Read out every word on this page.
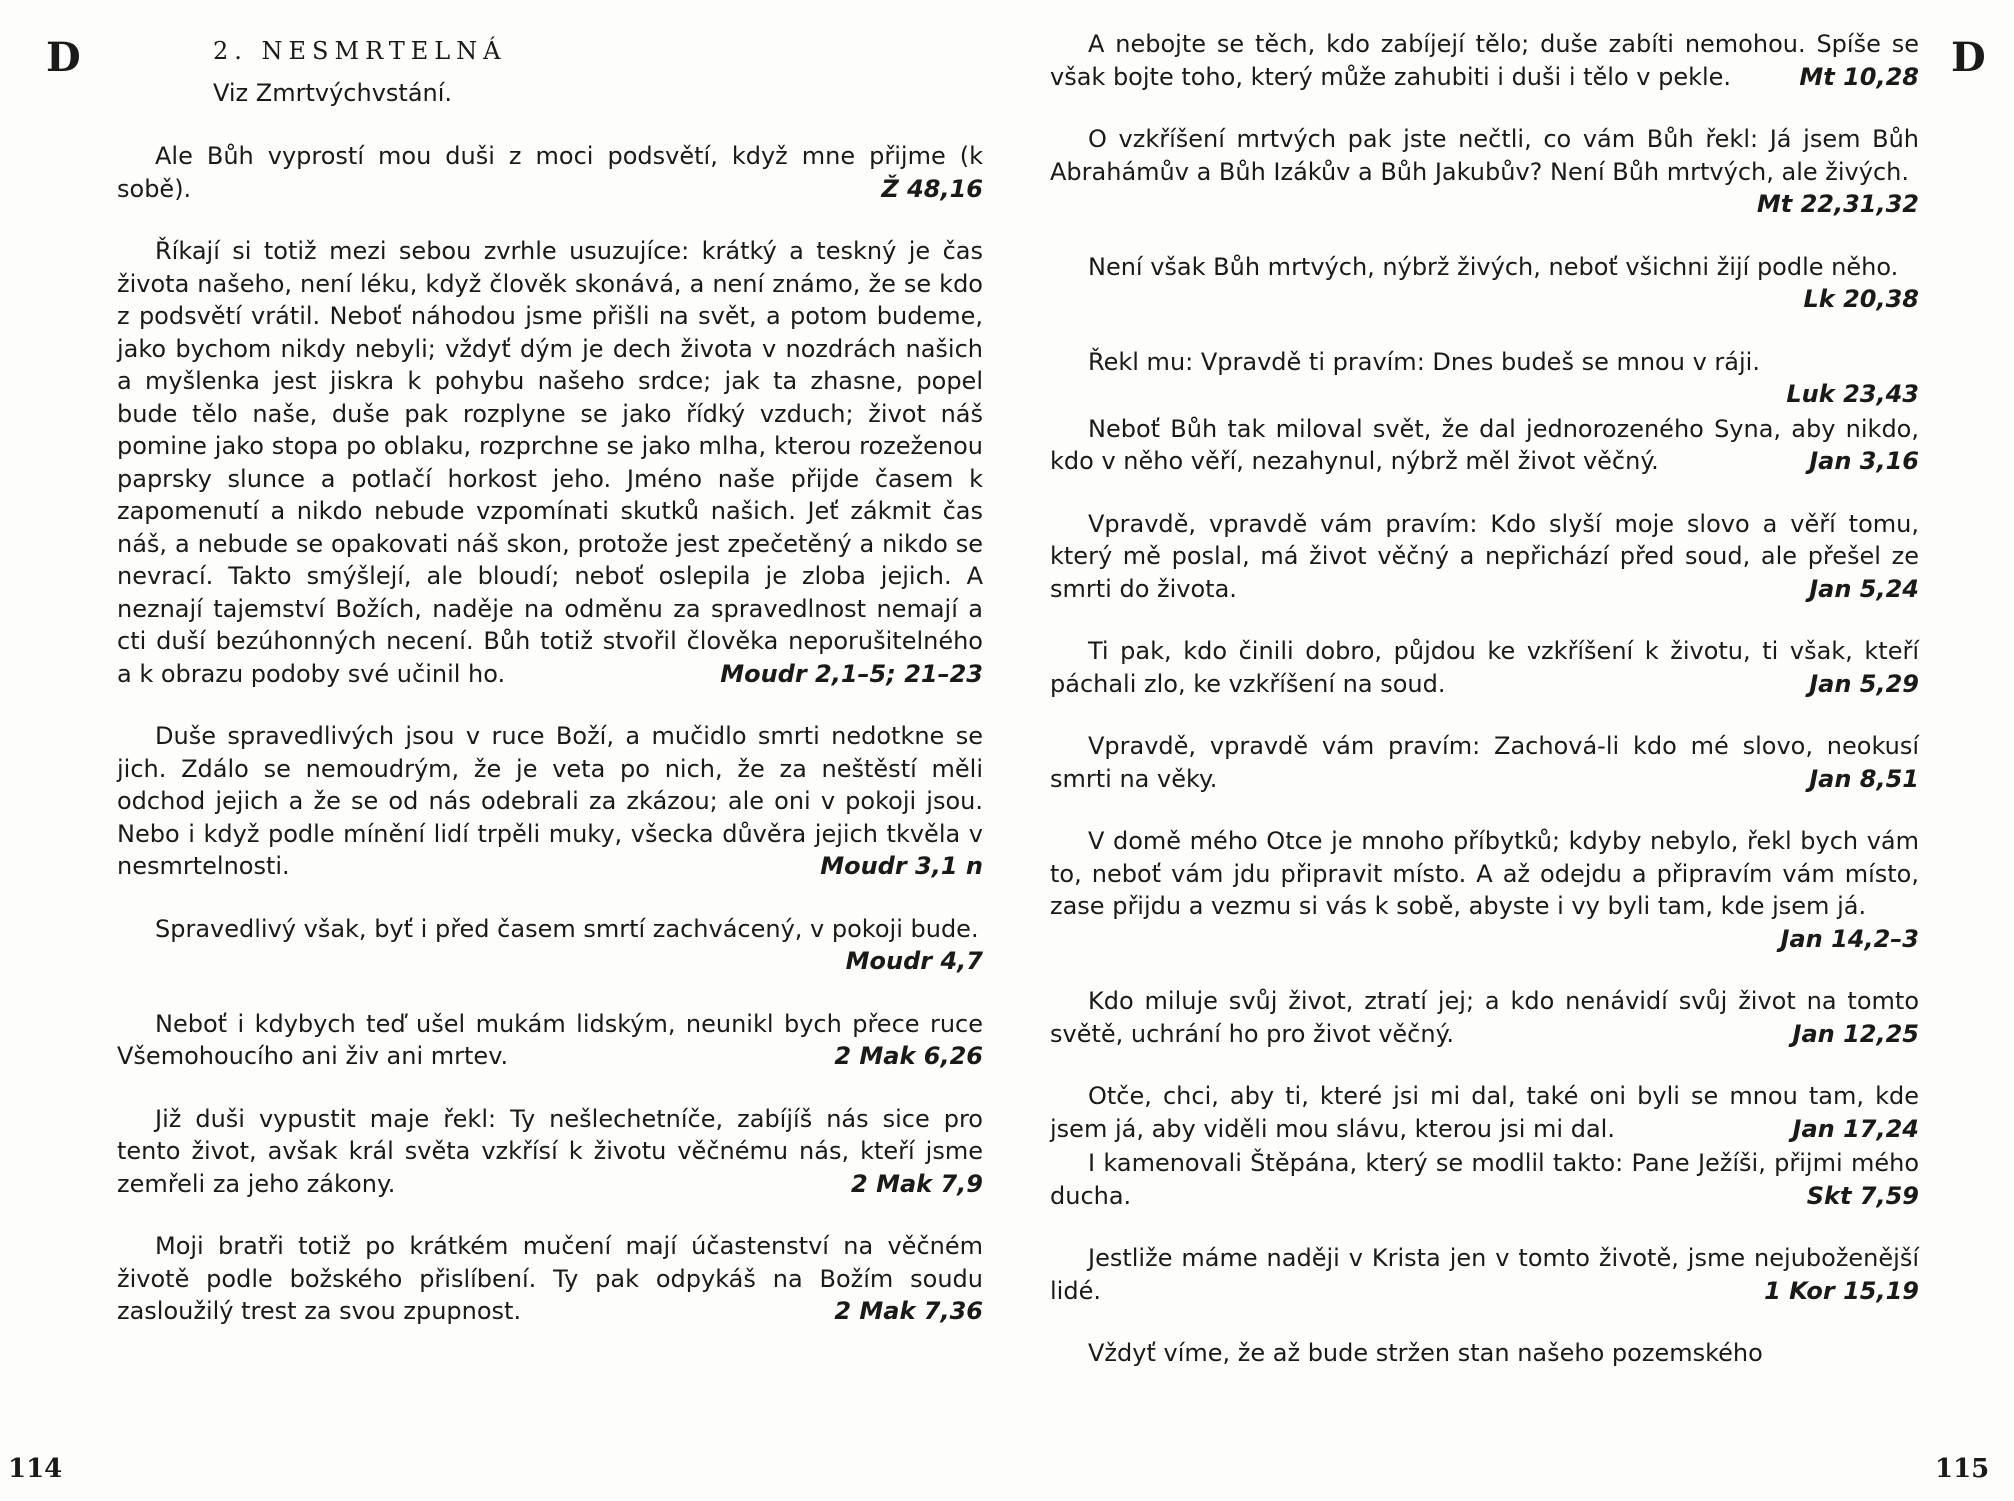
D	2. NESMRTELNÁ
Viz Zmrtvýchvstání.
Ale Bůh vyprostí mou duši z moci podsvětí, když mne přijme (k sobě).	Ž 48,16
Říkají si totiž mezi sebou zvrhle usuzujíce: krátký a teskný je čas života našeho, není léku, když člověk skonává, a není známo, že se kdo z podsvětí vrátil. Neboť náhodou jsme přišli na svět, a potom budeme, jako bychom nikdy nebyli; vždyť dým je dech života v nozdrách našich a myšlenka jest jiskra k pohybu našeho srdce; jak ta zhasne, popel bude tělo naše, duše pak rozplyne se jako řídký vzduch; život náš pomine jako stopa po oblaku, rozprchne se jako mlha, kterou rozeženou paprsky slunce a potlačí horkost jeho. Jméno naše přijde časem k zapomenutí a nikdo nebude vzpomínati skutků našich. Jeť zákmit čas náš, a nebude se opakovati náš skon, protože jest zpečetěný a nikdo se nevrací. Takto smýšlejí, ale bloudí; neboť oslepila je zloba jejich. A neznají tajemství Božích, naděje na odměnu za spravedlnost nemají a cti duší bezúhonných necení. Bůh totiž stvořil člověka neporušitelného a k obrazu podoby své učinil ho.	Moudr 2,1–5; 21–23
Duše spravedlivých jsou v ruce Boží, a mučidlo smrti nedotkne se jich. Zdálo se nemoudrým, že je veta po nich, že za neštěstí měli odchod jejich a že se od nás odebrali za zkázou; ale oni v pokoji jsou. Nebo i když podle mínění lidí trpěli muky, všecka důvěra jejich tkvěla v nesmrtelnosti.	Moudr 3,1 n
Spravedlivý však, byť i před časem smrtí zachvácený, v pokoji bude.
Moudr 4,7
Neboť i kdybych teď ušel mukám lidským, neunikl bych přece ruce Všemohoucího ani živ ani mrtev.	2 Mak 6,26
Již duši vypustit maje řekl: Ty nešlechetníče, zabíjíš nás sice pro tento život, avšak král světa vzkřísí k životu věčnému nás, kteří jsme zemřeli za jeho zákony.	2 Mak 7,9
Moji bratři totiž po krátkém mučení mají účastenství na věčném životě podle božského přislíbení. Ty pak odpykáš na Božím soudu zasloužilý trest za svou zpupnost.	2 Mak 7,36
114
D
A nebojte se těch, kdo zabíjejí tělo; duše zabíti nemohou. Spíše se však bojte toho, který může zahubiti i duši i tělo v pekle.	Mt 10,28
O vzkříšení mrtvých pak jste nečtli, co vám Bůh řekl: Já jsem Bůh Abrahámův a Bůh Izákův a Bůh Jakubův? Není Bůh mrtvých, ale živých.
Mt 22,31,32
Není však Bůh mrtvých, nýbrž živých, neboť všichni žijí podle něho.
Lk 20,38
Řekl mu: Vpravdě ti pravím: Dnes budeš se mnou v ráji.
Luk 23,43
Neboť Bůh tak miloval svět, že dal jednorozeného Syna, aby nikdo, kdo v něho věří, nezahynul, nýbrž měl život věčný.	Jan 3,16
Vpravdě, vpravdě vám pravím: Kdo slyší moje slovo a věří tomu, který mě poslal, má život věčný a nepřichází před soud, ale přešel ze smrti do života.	Jan 5,24
Ti pak, kdo činili dobro, půjdou ke vzkříšení k životu, ti však, kteří páchali zlo, ke vzkříšení na soud.	Jan 5,29
Vpravdě, vpravdě vám pravím: Zachová-li kdo mé slovo, neokusí smrti na věky.	Jan 8,51
V domě mého Otce je mnoho příbytků; kdyby nebylo, řekl bych vám to, neboť vám jdu připravit místo. A až odejdu a připravím vám místo, zase přijdu a vezmu si vás k sobě, abyste i vy byli tam, kde jsem já.
Jan 14,2–3
Kdo miluje svůj život, ztratí jej; a kdo nenávidí svůj život na tomto světě, uchrání ho pro život věčný.	Jan 12,25
Otče, chci, aby ti, které jsi mi dal, také oni byli se mnou tam, kde jsem já, aby viděli mou slávu, kterou jsi mi dal.	Jan 17,24
I kamenovali Štěpána, který se modlil takto: Pane Ježíši, přijmi mého ducha.	Skt 7,59
Jestliže máme naději v Krista jen v tomto životě, jsme nejuboženější lidé.	1 Kor 15,19
Vždyť víme, že až bude stržen stan našeho pozemského
115
